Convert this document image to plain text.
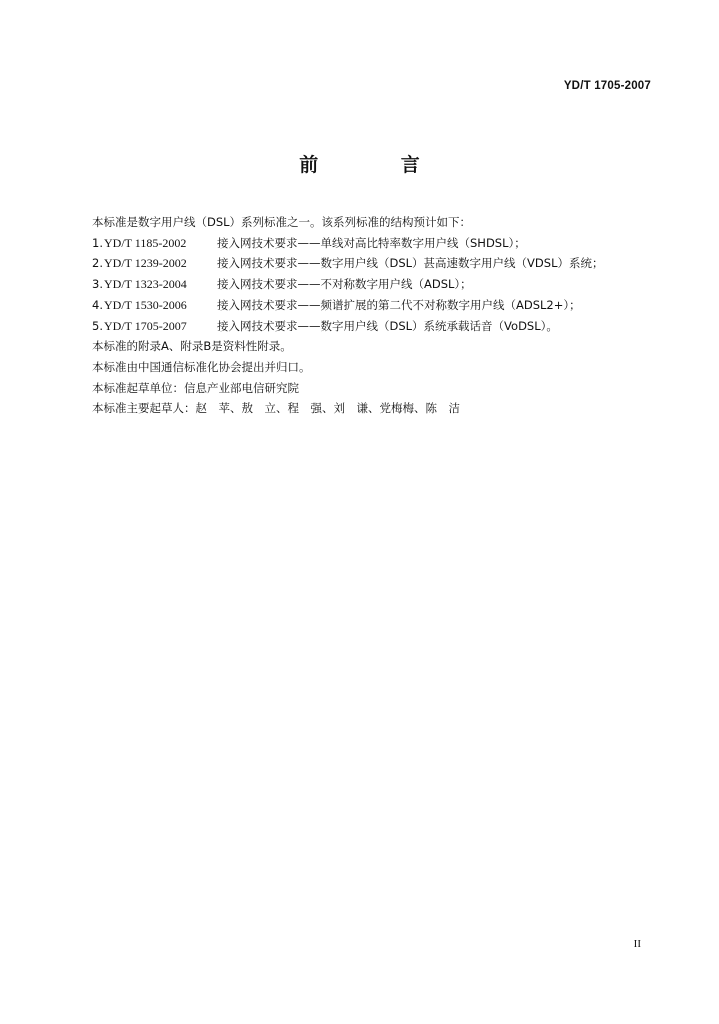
YD/T 1705-2007
前 言
本标准是数字用户线（DSL）系列标准之一。该系列标准的结构预计如下：
1. YD/T 1185-2002	接入网技术要求——单线对高比特率数字用户线（SHDSL）；
2. YD/T 1239-2002	接入网技术要求——数字用户线（DSL）甚高速数字用户线（VDSL）系统；
3. YD/T 1323-2004	接入网技术要求——不对称数字用户线（ADSL）；
4. YD/T 1530-2006	接入网技术要求——频谱扩展的第二代不对称数字用户线（ADSL2+）；
5. YD/T 1705-2007	接入网技术要求——数字用户线（DSL）系统承载话音（VoDSL）。
本标准的附录A、附录B是资料性附录。
本标准由中国通信标准化协会提出并归口。
本标准起草单位：信息产业部电信研究院
本标准主要起草人：赵　苹、敖　立、程　强、刘　谦、党梅梅、陈　洁
II
